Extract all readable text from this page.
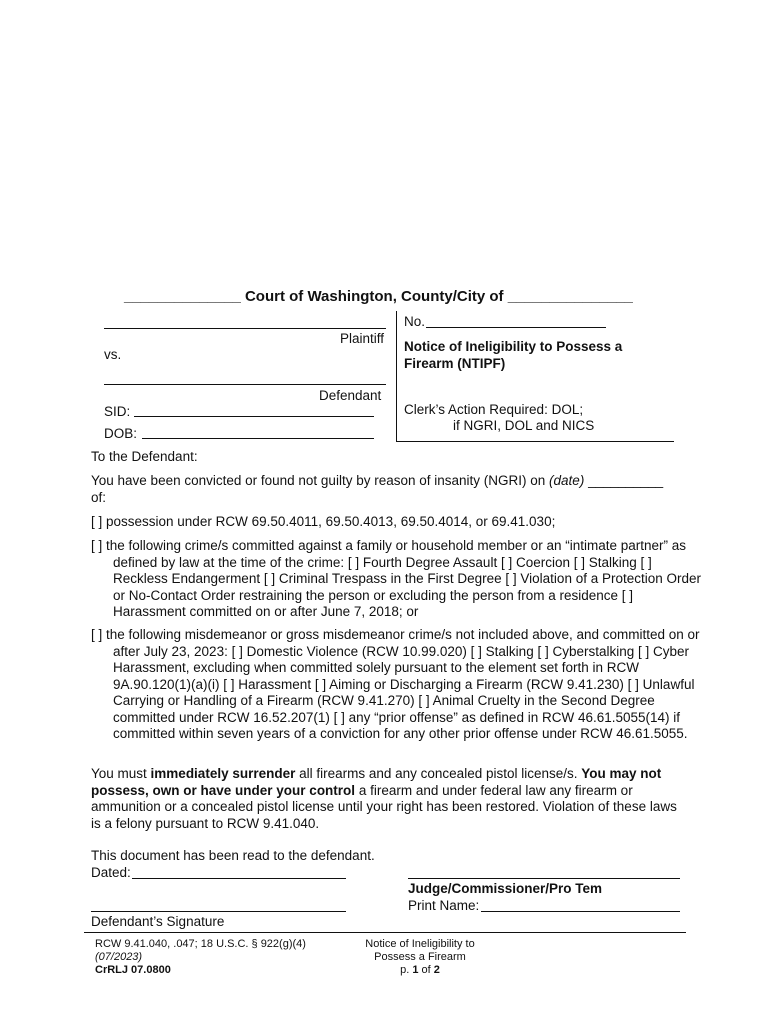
______________ Court of Washington, County/City of _______________
Plaintiff
vs.
Defendant
SID:
DOB:
No.
Notice of Ineligibility to Possess a
Firearm (NTIPF)
Clerk’s Action Required: DOL;
if NGRI, DOL and NICS
To the Defendant:
You have been convicted or found not guilty by reason of insanity (NGRI) on (date) __________ of:
[ ] possession under RCW 69.50.4011, 69.50.4013, 69.50.4014, or 69.41.030;
[ ] the following crime/s committed against a family or household member or an “intimate partner” as defined by law at the time of the crime: [ ] Fourth Degree Assault [ ] Coercion [ ] Stalking [ ] Reckless Endangerment [ ] Criminal Trespass in the First Degree [ ] Violation of a Protection Order or No-Contact Order restraining the person or excluding the person from a residence [ ] Harassment committed on or after June 7, 2018; or
[ ] the following misdemeanor or gross misdemeanor crime/s not included above, and committed on or after July 23, 2023: [ ] Domestic Violence (RCW 10.99.020) [ ] Stalking [ ] Cyberstalking [ ] Cyber Harassment, excluding when committed solely pursuant to the element set forth in RCW 9A.90.120(1)(a)(i) [ ] Harassment [ ] Aiming or Discharging a Firearm (RCW 9.41.230) [ ] Unlawful Carrying or Handling of a Firearm (RCW 9.41.270) [ ] Animal Cruelty in the Second Degree committed under RCW 16.52.207(1) [ ] any “prior offense” as defined in RCW 46.61.5055(14) if committed within seven years of a conviction for any other prior offense under RCW 46.61.5055.
You must immediately surrender all firearms and any concealed pistol license/s. You may not possess, own or have under your control a firearm and under federal law any firearm or ammunition or a concealed pistol license until your right has been restored. Violation of these laws is a felony pursuant to RCW 9.41.040.
This document has been read to the defendant.
Dated:
Judge/Commissioner/Pro Tem
Print Name:
Defendant’s Signature
RCW 9.41.040, .047; 18 U.S.C. § 922(g)(4)
(07/2023)
CrRLJ 07.0800
Notice of Ineligibility to
Possess a Firearm
p. 1 of 2
